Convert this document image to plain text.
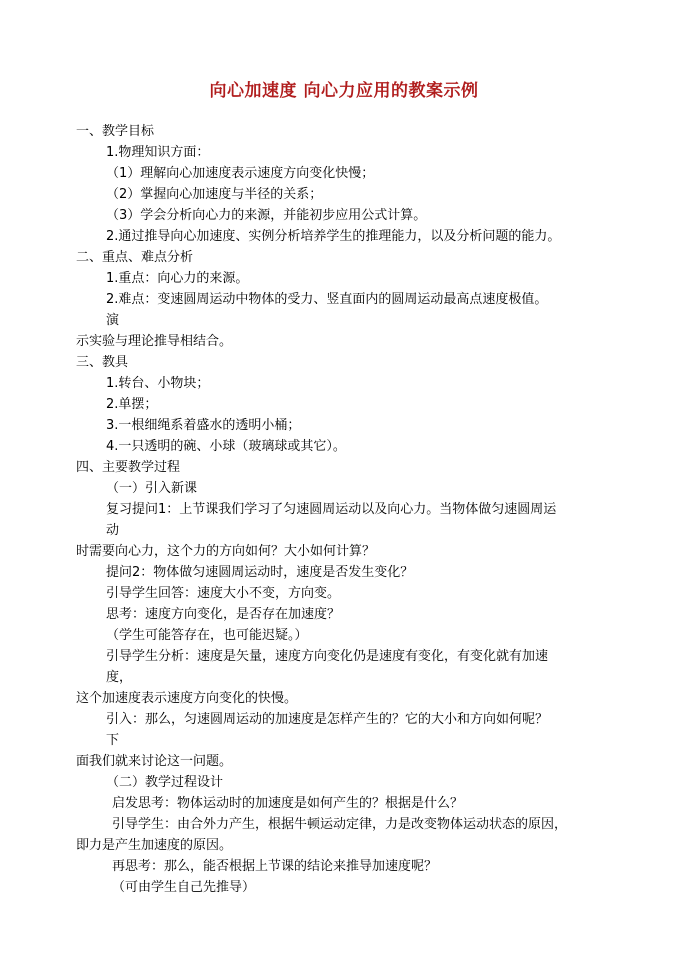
向心加速度 向心力应用的教案示例
一、教学目标
1.物理知识方面：
（1）理解向心加速度表示速度方向变化快慢；
（2）掌握向心加速度与半径的关系；
（3）学会分析向心力的来源，并能初步应用公式计算。
2.通过推导向心加速度、实例分析培养学生的推理能力，以及分析问题的能力。
二、重点、难点分析
1.重点：向心力的来源。
2.难点：变速圆周运动中物体的受力、竖直面内的圆周运动最高点速度极值。
演
示实验与理论推导相结合。
三、教具
1.转台、小物块；
2.单摆；
3.一根细绳系着盛水的透明小桶；
4.一只透明的碗、小球（玻璃球或其它）。
四、主要教学过程
（一）引入新课
复习提问1：上节课我们学习了匀速圆周运动以及向心力。当物体做匀速圆周运
动
时需要向心力，这个力的方向如何？大小如何计算？
提问2：物体做匀速圆周运动时，速度是否发生变化？
引导学生回答：速度大小不变，方向变。
思考：速度方向变化，是否存在加速度？
（学生可能答存在，也可能迟疑。）
引导学生分析：速度是矢量，速度方向变化仍是速度有变化，有变化就有加速
度，
这个加速度表示速度方向变化的快慢。
引入：那么，匀速圆周运动的加速度是怎样产生的？它的大小和方向如何呢？
下
面我们就来讨论这一问题。
（二）教学过程设计
启发思考：物体运动时的加速度是如何产生的？根据是什么？
引导学生：由合外力产生，根据牛顿运动定律，力是改变物体运动状态的原因，
即力是产生加速度的原因。
再思考：那么，能否根据上节课的结论来推导加速度呢？
（可由学生自己先推导）
